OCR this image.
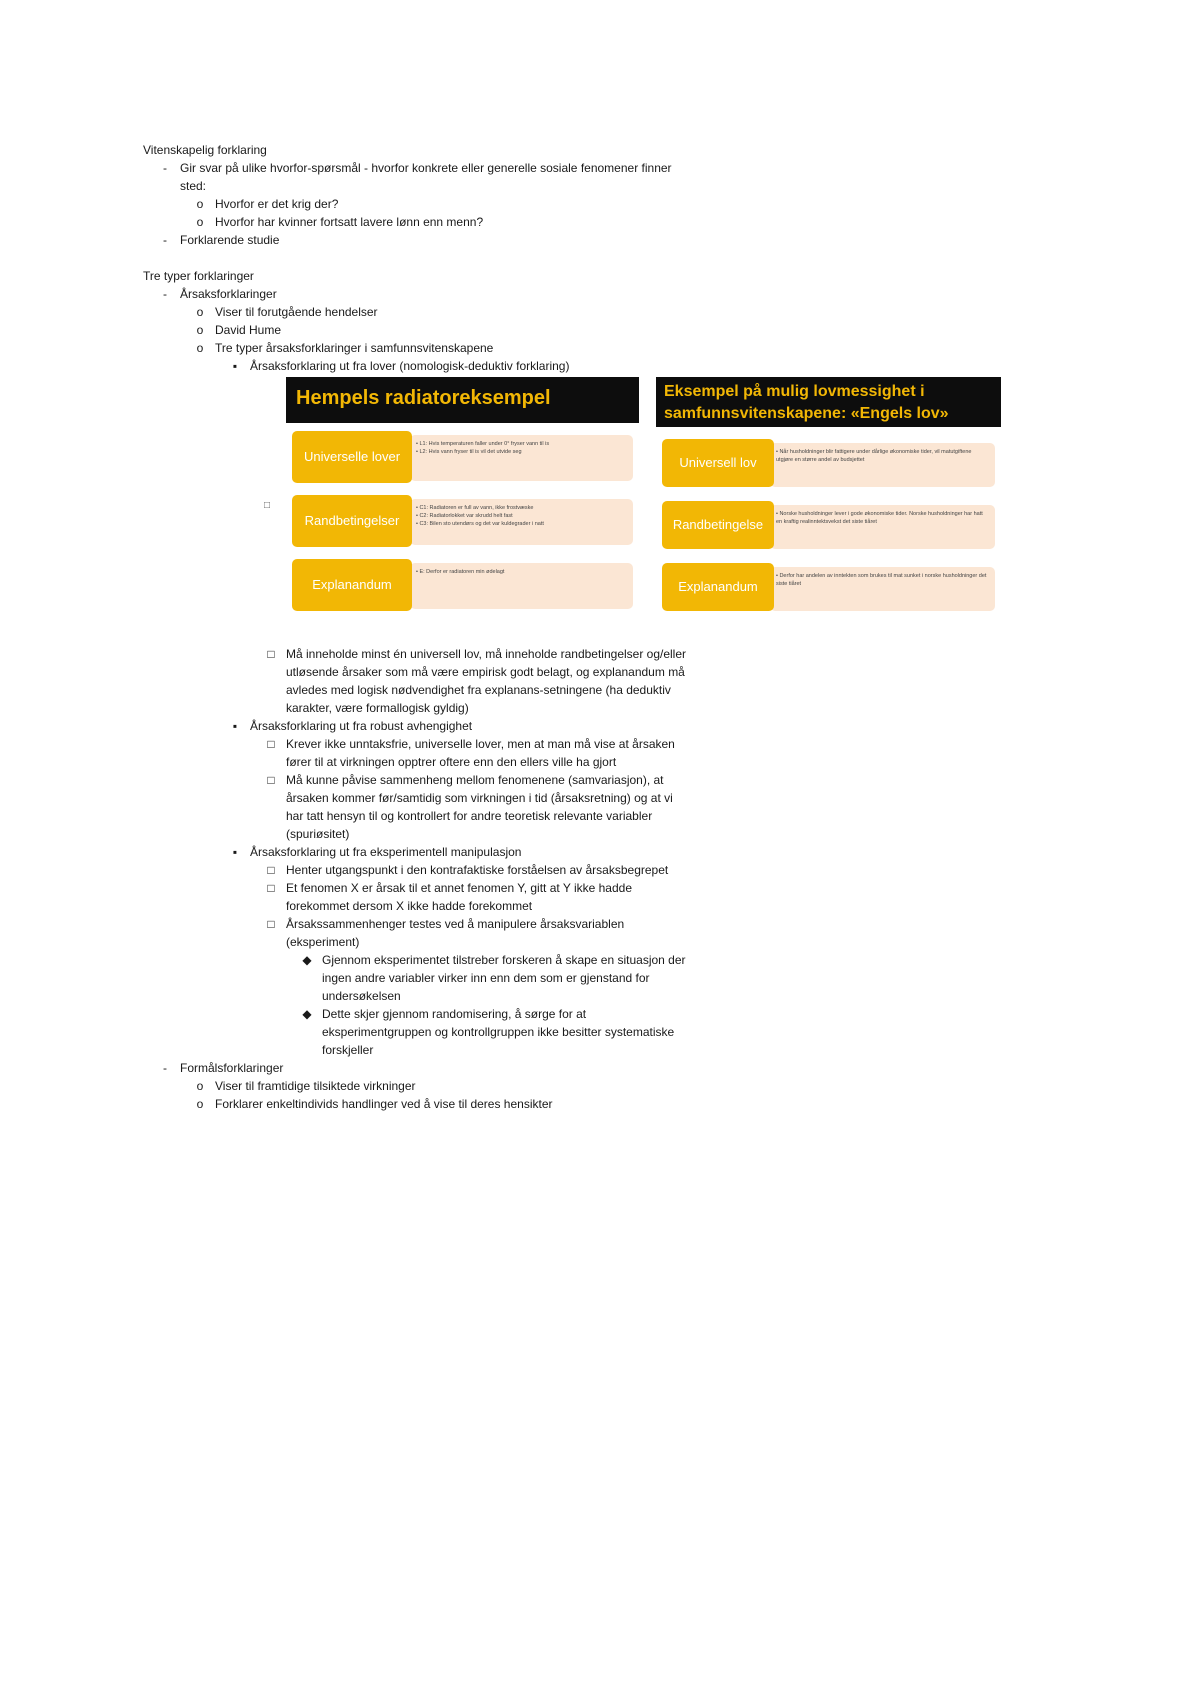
Vitenskapelig forklaring
-	Gir svar på ulike hvorfor-spørsmål - hvorfor konkrete eller generelle sosiale fenomener finner
sted:
o Hvorfor er det krig der?
o Hvorfor har kvinner fortsatt lavere lønn enn menn?
-	Forklarende studie
Tre typer forklaringer
-	Årsaksforklaringer
o Viser til forutgående hendelser
o David Hume
o Tre typer årsaksforklaringer i samfunnsvitenskapene
▪	Årsaksforklaring ut fra lover (nomologisk-deduktiv forklaring)
□
Hempels radiatoreksempel
• L1: Hvis temperaturen faller under 0° fryser vann til is
• L2: Hvis vann fryser til is vil det utvide seg
Universelle lover
• C1: Radiatoren er full av vann, ikke frostvæske
• C2: Radiatorlokket var skrudd helt fast
• C3: Bilen sto utendørs og det var kuldegrader i natt
Randbetingelser
• E: Derfor er radiatoren min ødelagt
Explanandum
Eksempel på mulig lovmessighet i samfunnsvitenskapene: «Engels lov»
• Når husholdninger blir fattigere under dårlige økonomiske tider, vil matutgiftene utgjøre en større andel av budsjettet
Universell lov
• Norske husholdninger lever i gode økonomiske tider. Norske husholdninger har hatt en kraftig realinntektsvekst det siste tiåret
Randbetingelse
• Derfor har andelen av inntekten som brukes til mat sunket i norske husholdninger det siste tiåret
Explanandum
□ Må inneholde minst én universell lov, må inneholde randbetingelser og/eller
utløsende årsaker som må være empirisk godt belagt, og explanandum må
avledes med logisk nødvendighet fra explanans-setningene (ha deduktiv
karakter, være formallogisk gyldig)
▪	Årsaksforklaring ut fra robust avhengighet
□ Krever ikke unntaksfrie, universelle lover, men at man må vise at årsaken
fører til at virkningen opptrer oftere enn den ellers ville ha gjort
□ Må kunne påvise sammenheng mellom fenomenene (samvariasjon), at
årsaken kommer før/samtidig som virkningen i tid (årsaksretning) og at vi
har tatt hensyn til og kontrollert for andre teoretisk relevante variabler
(spuriøsitet)
▪	Årsaksforklaring ut fra eksperimentell manipulasjon
□ Henter utgangspunkt i den kontrafaktiske forståelsen av årsaksbegrepet
□ Et fenomen X er årsak til et annet fenomen Y, gitt at Y ikke hadde
forekommet dersom X ikke hadde forekommet
□ Årsakssammenhenger testes ved å manipulere årsaksvariablen
(eksperiment)
◆ Gjennom eksperimentet tilstreber forskeren å skape en situasjon der
ingen andre variabler virker inn enn dem som er gjenstand for
undersøkelsen
◆ Dette skjer gjennom randomisering, å sørge for at
eksperimentgruppen og kontrollgruppen ikke besitter systematiske
forskjeller
-	Formålsforklaringer
o Viser til framtidige tilsiktede virkninger
o Forklarer enkeltindivids handlinger ved å vise til deres hensikter
